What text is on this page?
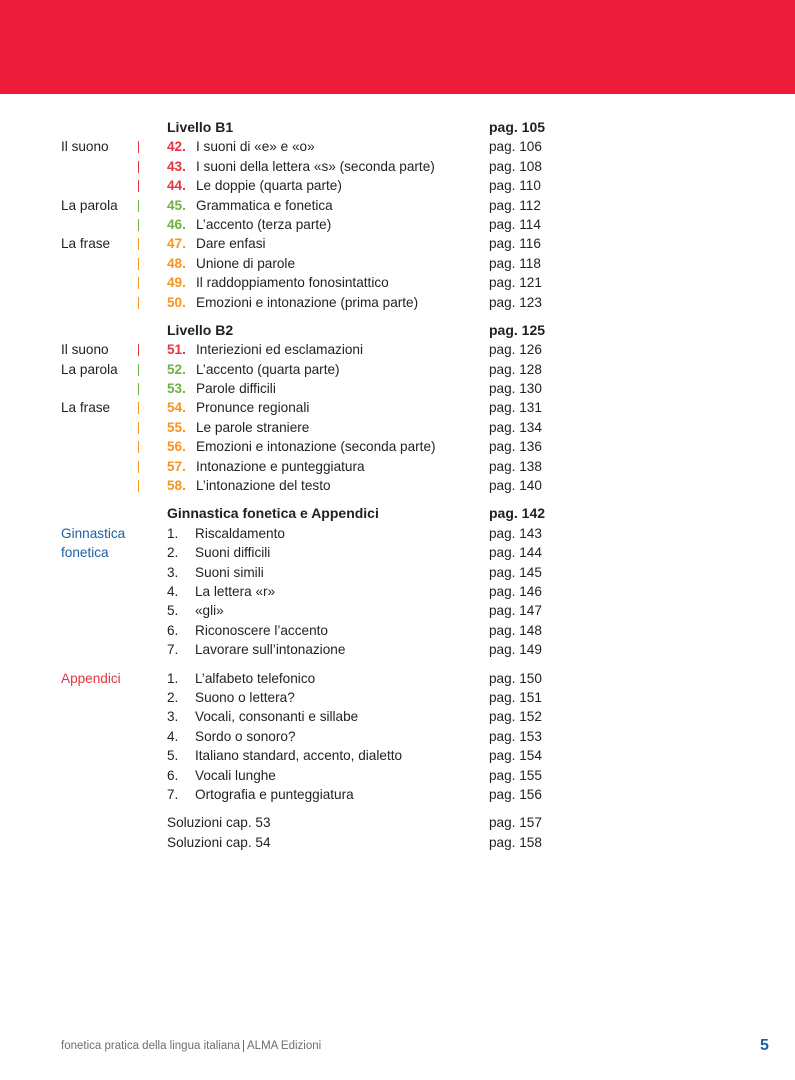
Livello B1	pag. 105
Il suono	42. I suoni di «e» e «o»	pag. 106
43. I suoni della lettera «s» (seconda parte)	pag. 108
44. Le doppie (quarta parte)	pag. 110
La parola	45. Grammatica e fonetica	pag. 112
46. L’accento (terza parte)	pag. 114
La frase	47. Dare enfasi	pag. 116
48. Unione di parole	pag. 118
49. Il raddoppiamento fonosintattico	pag. 121
50. Emozioni e intonazione (prima parte)	pag. 123
Livello B2	pag. 125
Il suono	51. Interiezioni ed esclamazioni	pag. 126
La parola	52. L’accento (quarta parte)	pag. 128
53. Parole difficili	pag. 130
La frase	54. Pronunce regionali	pag. 131
55. Le parole straniere	pag. 134
56. Emozioni e intonazione (seconda parte)	pag. 136
57. Intonazione e punteggiatura	pag. 138
58. L’intonazione del testo	pag. 140
Ginnastica fonetica e Appendici	pag. 142
Ginnastica	1. Riscaldamento	pag. 143
fonetica	2. Suoni difficili	pag. 144
3. Suoni simili	pag. 145
4. La lettera «r»	pag. 146
5. «gli»	pag. 147
6. Riconoscere l’accento	pag. 148
7. Lavorare sull’intonazione	pag. 149
Appendici	1. L’alfabeto telefonico	pag. 150
2. Suono o lettera?	pag. 151
3. Vocali, consonanti e sillabe	pag. 152
4. Sordo o sonoro?	pag. 153
5. Italiano standard, accento, dialetto	pag. 154
6. Vocali lunghe	pag. 155
7. Ortografia e punteggiatura	pag. 156
Soluzioni cap. 53	pag. 157
Soluzioni cap. 54	pag. 158
fonetica pratica della lingua italiana ALMA Edizioni	5
